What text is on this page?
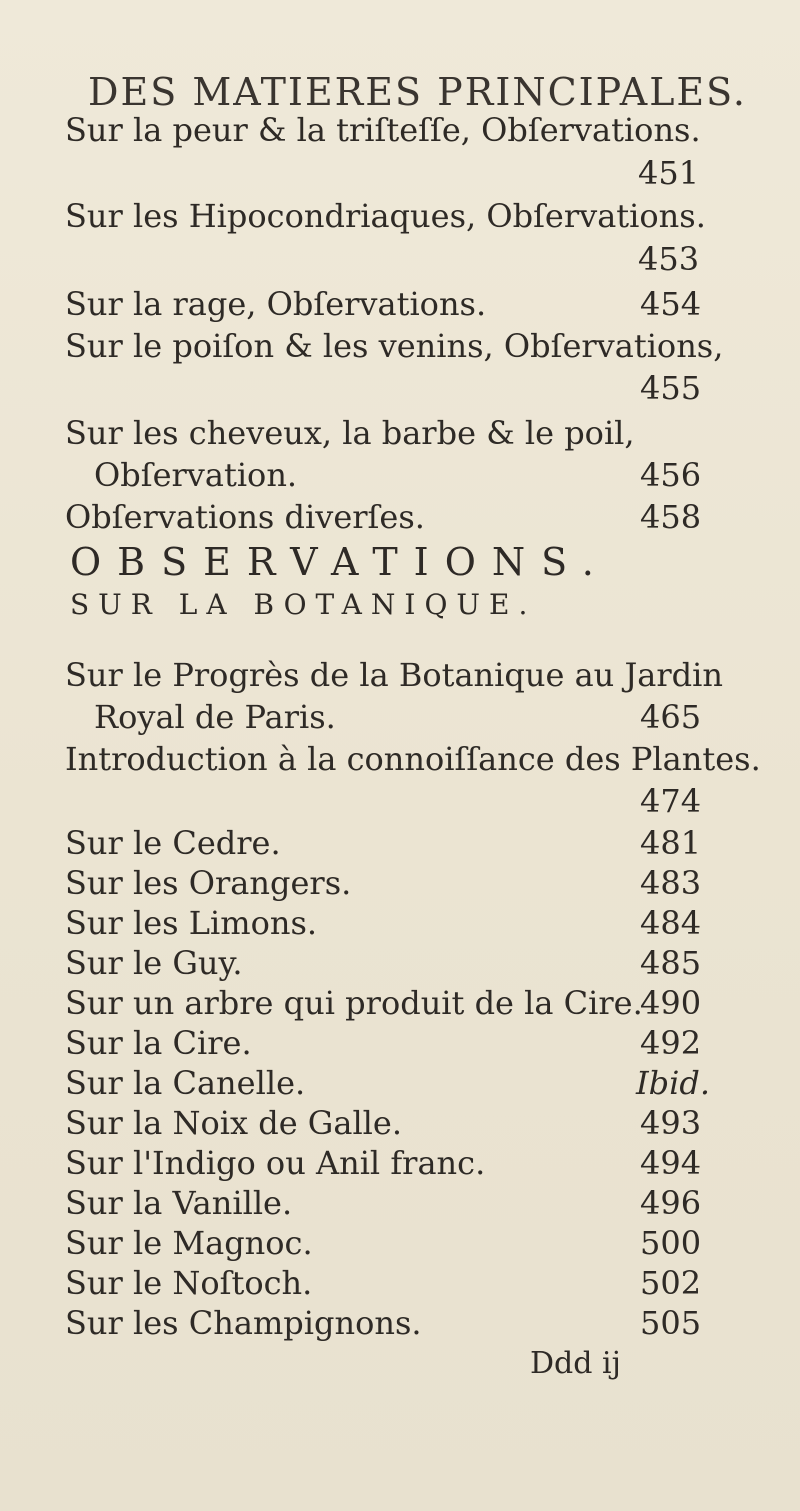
DES MATIERES PRINCIPALES.
Sur la peur & la triſteſſe, Obſervations.
451
Sur les Hipocondriaques, Obſervations.
453
Sur la rage, Obſervations.	454
Sur le poiſon & les venins, Obſervations,
455
Sur les cheveux, la barbe & le poil,
Obſervation.	456
Obſervations diverſes.	458
OBSERVATIONS.
SUR LA BOTANIQUE.
Sur le Progrès de la Botanique au Jardin
Royal de Paris.	465
Introduction à la connoiſſance des Plantes.
474
Sur le Cedre.	481
Sur les Orangers.	483
Sur les Limons.	484
Sur le Guy.	485
Sur un arbre qui produit de la Cire.
490
Sur la Cire.	492
Sur la Canelle.	Ibid.
Sur la Noix de Galle.	493
Sur l'Indigo ou Anil franc.	494
Sur la Vanille.	496
Sur le Magnoc.	500
Sur le Noſtoch.	502
Sur les Champignons.	505
Ddd ij
